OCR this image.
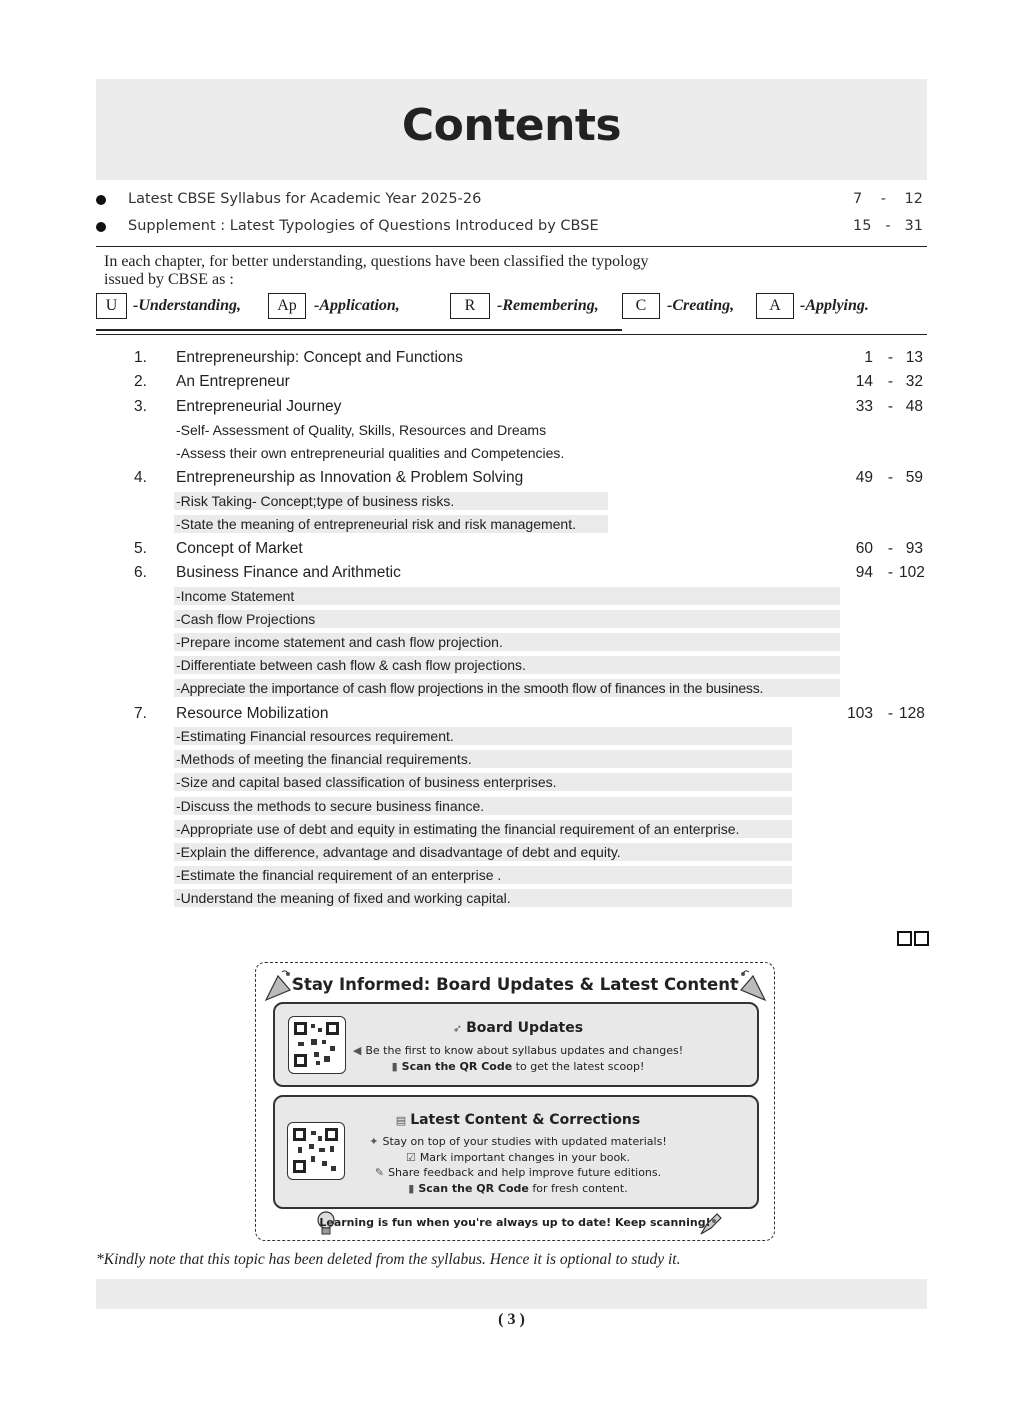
Contents
Latest CBSE Syllabus for Academic Year 2025-26	7 - 12
Supplement : Latest Typologies of Questions Introduced by CBSE	15 - 31
In each chapter, for better understanding, questions have been classified the typology issued by CBSE as :
U -Understanding,	Ap	-Application,	R	-Remembering,	C	-Creating,	A	-Applying.
1. Entrepreneurship: Concept and Functions	1 - 13
2. An Entrepreneur	14 - 32
3. Entrepreneurial Journey	33 - 48
-Self- Assessment of Quality, Skills, Resources and Dreams
-Assess their own entrepreneurial qualities and Competencies.
4. Entrepreneurship as Innovation & Problem Solving	49 - 59
-Risk Taking- Concept;type of business risks.
-State the meaning of entrepreneurial risk and risk management.
5. Concept of Market	60 - 93
6. Business Finance and Arithmetic	94 - 102
-Income Statement
-Cash flow Projections
-Prepare income statement and cash flow projection.
-Differentiate between cash flow & cash flow projections.
-Appreciate the importance of cash flow projections in the smooth flow of finances in the business.
7. Resource Mobilization	103 - 128
-Estimating Financial resources requirement.
-Methods of meeting the financial requirements.
-Size and capital based classification of business enterprises.
-Discuss the methods to secure business finance.
-Appropriate use of debt and equity in estimating the financial requirement of an enterprise.
-Explain the difference, advantage and disadvantage of debt and equity.
-Estimate the financial requirement of an enterprise .
-Understand the meaning of fixed and working capital.
Stay Informed: Board Updates & Latest Content
➶ Board Updates
◀ Be the first to know about syllabus updates and changes!
▮ Scan the QR Code to get the latest scoop!
▤ Latest Content & Corrections
✦ Stay on top of your studies with updated materials!
☑ Mark important changes in your book.
✎ Share feedback and help improve future editions.
▮ Scan the QR Code for fresh content.
Learning is fun when you're always up to date! Keep scanning!
*Kindly note that this topic has been deleted from the syllabus. Hence it is optional to study it.
( 3 )
